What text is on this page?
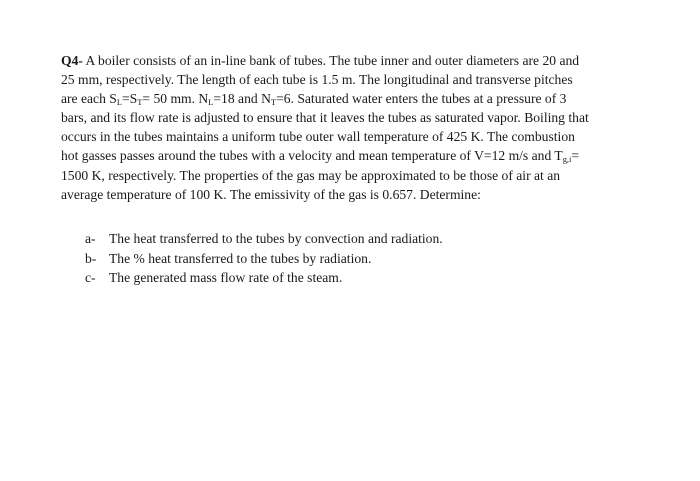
Q4- A boiler consists of an in-line bank of tubes. The tube inner and outer diameters are 20 and
25 mm, respectively. The length of each tube is 1.5 m. The longitudinal and transverse pitches
are each $S_L=S_T= 50$ mm. $N_L=18$ and $N_T=6$. Saturated water enters the tubes at a pressure of 3
bars, and its flow rate is adjusted to ensure that it leaves the tubes as saturated vapor. Boiling that
occurs in the tubes maintains a uniform tube outer wall temperature of 425 K. The combustion
hot gasses passes around the tubes with a velocity and mean temperature of V=12 m/s and $T_{g,i}=$
1500 K, respectively. The properties of the gas may be approximated to be those of air at an
average temperature of 100 K. The emissivity of the gas is 0.657. Determine:

a- The heat transferred to the tubes by convection and radiation.
b- The % heat transferred to the tubes by radiation.
c- The generated mass flow rate of the steam.
